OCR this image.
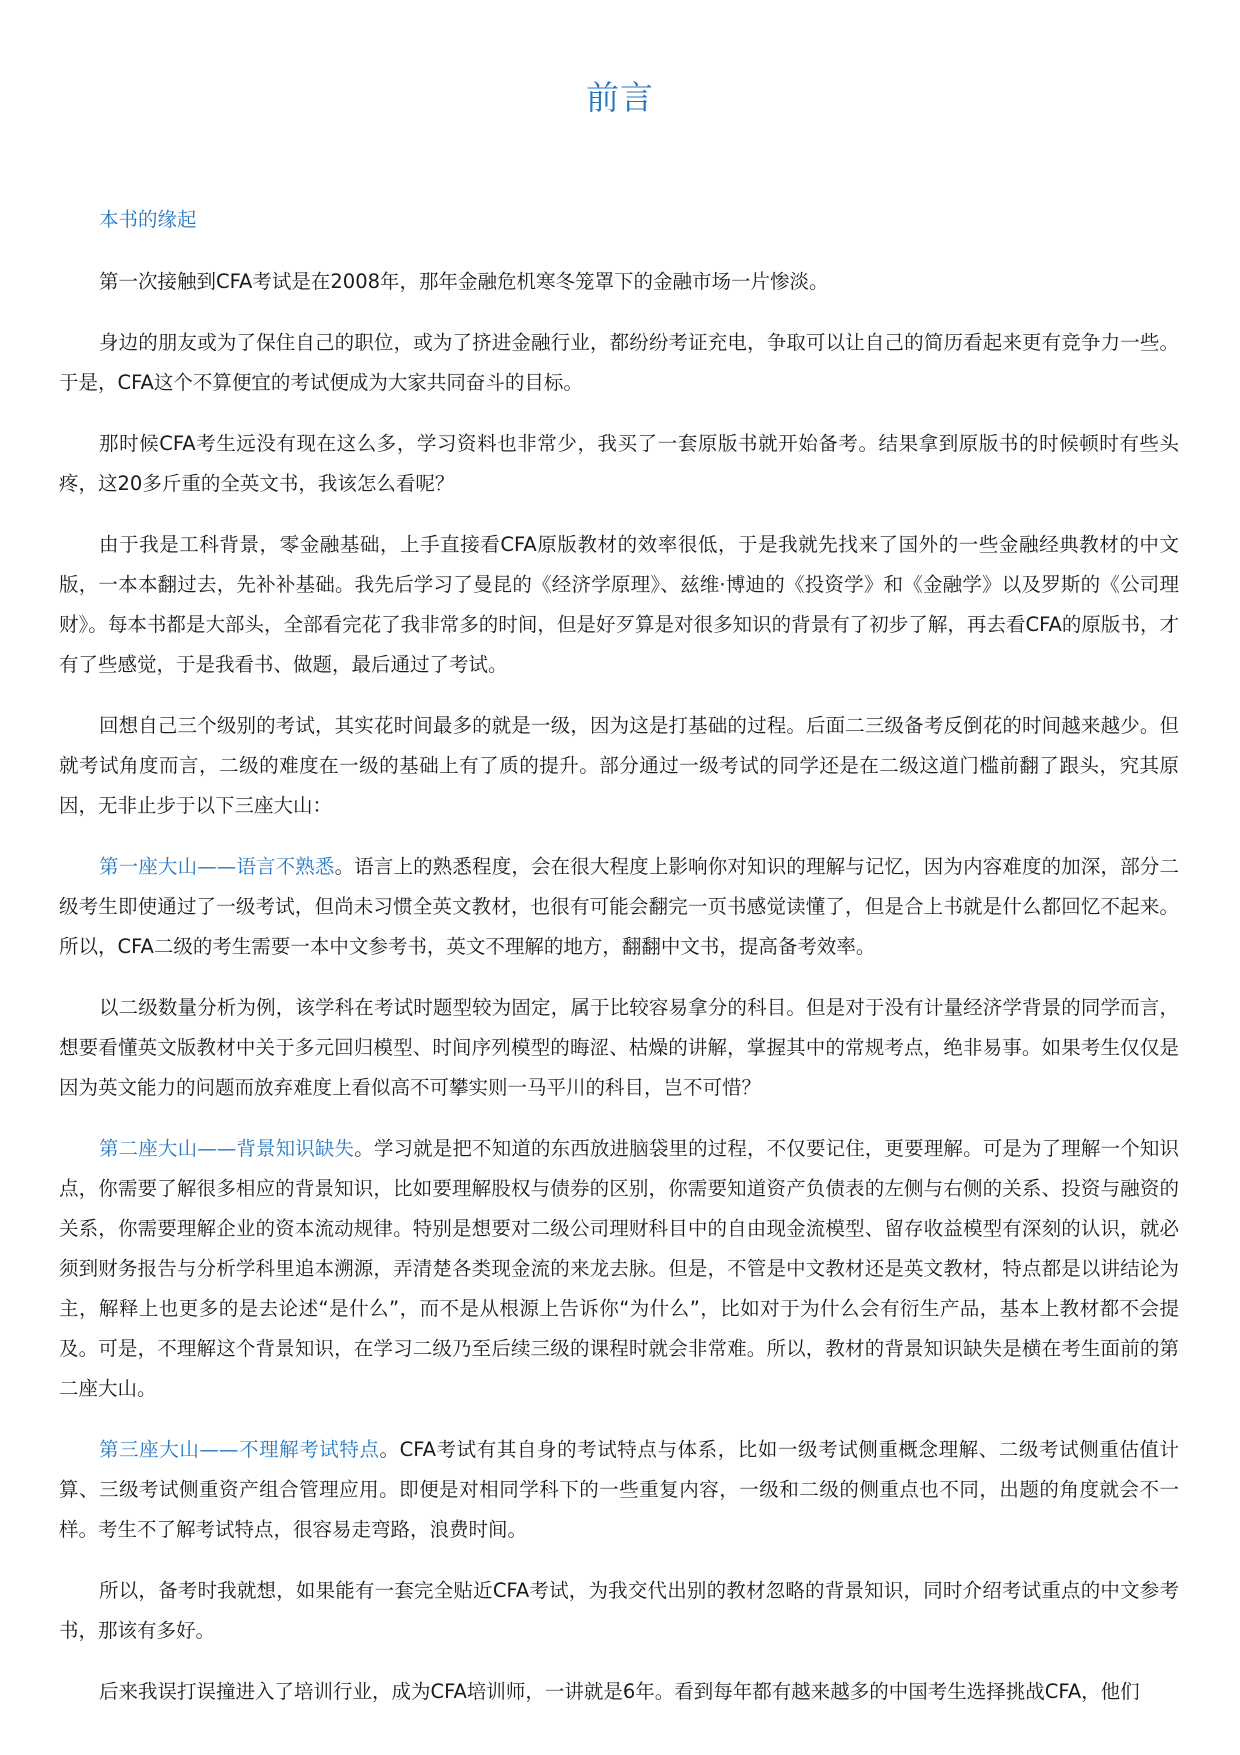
前言
本书的缘起

第一次接触到CFA考试是在2008年，那年金融危机寒冬笼罩下的金融市场一片惨淡。

身边的朋友或为了保住自己的职位，或为了挤进金融行业，都纷纷考证充电，争取可以让自己的简历看起来更有竞争力一些。于是，CFA这个不算便宜的考试便成为大家共同奋斗的目标。

那时候CFA考生远没有现在这么多，学习资料也非常少，我买了一套原版书就开始备考。结果拿到原版书的时候顿时有些头疼，这20多斤重的全英文书，我该怎么看呢？

由于我是工科背景，零金融基础，上手直接看CFA原版教材的效率很低，于是我就先找来了国外的一些金融经典教材的中文版，一本本翻过去，先补补基础。我先后学习了曼昆的《经济学原理》、兹维·博迪的《投资学》和《金融学》以及罗斯的《公司理财》。每本书都是大部头，全部看完花了我非常多的时间，但是好歹算是对很多知识的背景有了初步了解，再去看CFA的原版书，才有了些感觉，于是我看书、做题，最后通过了考试。

回想自己三个级别的考试，其实花时间最多的就是一级，因为这是打基础的过程。后面二三级备考反倒花的时间越来越少。但就考试角度而言，二级的难度在一级的基础上有了质的提升。部分通过一级考试的同学还是在二级这道门槛前翻了跟头，究其原因，无非止步于以下三座大山：

第一座大山——语言不熟悉。语言上的熟悉程度，会在很大程度上影响你对知识的理解与记忆，因为内容难度的加深，部分二级考生即使通过了一级考试，但尚未习惯全英文教材，也很有可能会翻完一页书感觉读懂了，但是合上书就是什么都回忆不起来。所以，CFA二级的考生需要一本中文参考书，英文不理解的地方，翻翻中文书，提高备考效率。

以二级数量分析为例，该学科在考试时题型较为固定，属于比较容易拿分的科目。但是对于没有计量经济学背景的同学而言，想要看懂英文版教材中关于多元回归模型、时间序列模型的晦涩、枯燥的讲解，掌握其中的常规考点，绝非易事。如果考生仅仅是因为英文能力的问题而放弃难度上看似高不可攀实则一马平川的科目，岂不可惜？

第二座大山——背景知识缺失。学习就是把不知道的东西放进脑袋里的过程，不仅要记住，更要理解。可是为了理解一个知识点，你需要了解很多相应的背景知识，比如要理解股权与债券的区别，你需要知道资产负债表的左侧与右侧的关系、投资与融资的关系，你需要理解企业的资本流动规律。特别是想要对二级公司理财科目中的自由现金流模型、留存收益模型有深刻的认识，就必须到财务报告与分析学科里追本溯源，弄清楚各类现金流的来龙去脉。但是，不管是中文教材还是英文教材，特点都是以讲结论为主，解释上也更多的是去论述“是什么”，而不是从根源上告诉你“为什么”，比如对于为什么会有衍生产品，基本上教材都不会提及。可是，不理解这个背景知识，在学习二级乃至后续三级的课程时就会非常难。所以，教材的背景知识缺失是横在考生面前的第二座大山。

第三座大山——不理解考试特点。CFA考试有其自身的考试特点与体系，比如一级考试侧重概念理解、二级考试侧重估值计算、三级考试侧重资产组合管理应用。即便是对相同学科下的一些重复内容，一级和二级的侧重点也不同，出题的角度就会不一样。考生不了解考试特点，很容易走弯路，浪费时间。

所以，备考时我就想，如果能有一套完全贴近CFA考试，为我交代出别的教材忽略的背景知识，同时介绍考试重点的中文参考书，那该有多好。

后来我误打误撞进入了培训行业，成为CFA培训师，一讲就是6年。看到每年都有越来越多的中国考生选择挑战CFA，他们
